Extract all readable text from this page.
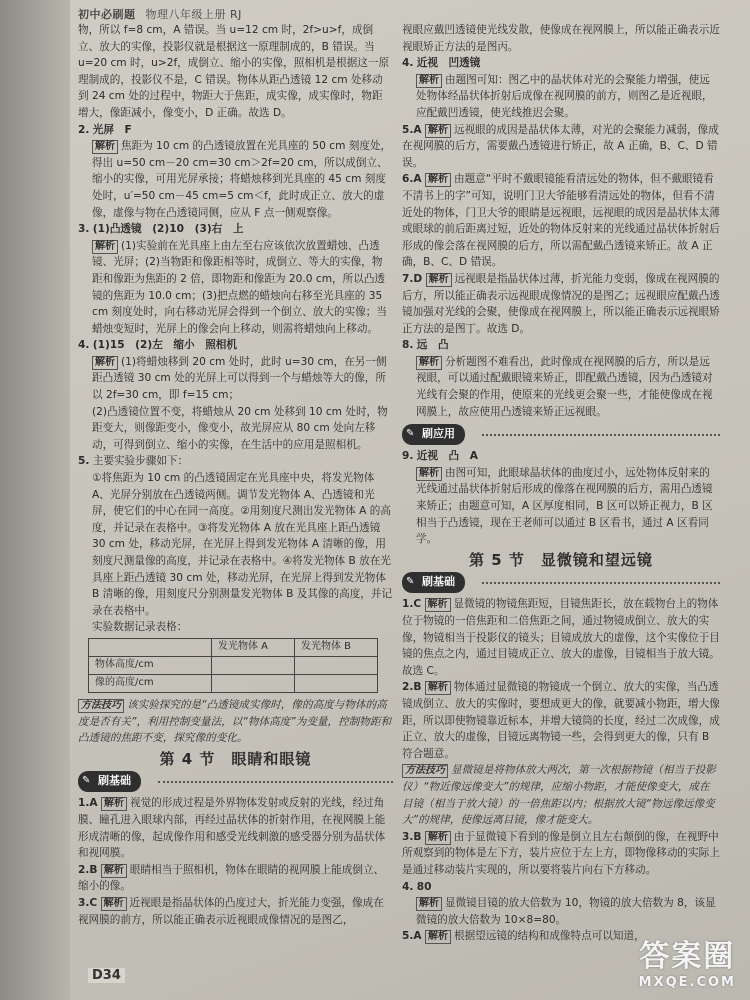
初中必刷题 物理八年级上册 RJ

物，所以 f=8 cm，A 错误。当 u=12 cm 时，2f>u>f，成倒立、放大的实像，投影仪就是根据这一原理制成的，B 错误。当 u=20 cm 时，u>2f，成倒立、缩小的实像，照相机是根据这一原理制成的，投影仪不是，C 错误。物体从距凸透镜 12 cm 处移动到 24 cm 处的过程中，物距大于焦距，成实像，成实像时，物距增大，像距减小，像变小，D 正确。故选 D。

2. 光屏　F

解析 焦距为 10 cm 的凸透镜放置在光具座的 50 cm 刻度处，得出 u=50 cm－20 cm=30 cm＞2f=20 cm，所以成倒立、缩小的实像，可用光屏承接；将蜡烛移到光具座的 45 cm 刻度处时，u′=50 cm－45 cm=5 cm＜f，此时成正立、放大的虚像，虚像与物在凸透镜同侧，应从 F 点一侧观察像。

3. (1)凸透镜　(2)10　(3)右　上

解析 (1)实验前在光具座上由左至右应该依次放置蜡烛、凸透镜、光屏；(2)当物距和像距相等时，成倒立、等大的实像，物距和像距为焦距的 2 倍，即物距和像距为 20.0 cm，所以凸透镜的焦距为 10.0 cm；(3)把点燃的蜡烛向右移至光具座的 35 cm 刻度处时，向右移动光屏会得到一个倒立、放大的实像；当蜡烛变短时，光屏上的像会向上移动，则需将蜡烛向上移动。

4. (1)15　(2)左　缩小　照相机

解析 (1)将蜡烛移到 20 cm 处时，此时 u=30 cm，在另一侧距凸透镜 30 cm 处的光屏上可以得到一个与蜡烛等大的像，所以 2f=30 cm，即 f=15 cm；

(2)凸透镜位置不变，将蜡烛从 20 cm 处移到 10 cm 处时，物距变大，则像距变小，像变小，故光屏应从 80 cm 处向左移动，可得到倒立、缩小的实像，在生活中的应用是照相机。

5. 主要实验步骤如下：

①将焦距为 10 cm 的凸透镜固定在光具座中央，将发光物体 A、光屏分别放在凸透镜两侧。调节发光物体 A、凸透镜和光屏，使它们的中心在同一高度。②用刻度尺测出发光物体 A 的高度，并记录在表格中。③将发光物体 A 放在光具座上距凸透镜 30 cm 处，移动光屏，在光屏上得到发光物体 A 清晰的像，用刻度尺测量像的高度，并记录在表格中。④将发光物体 B 放在光具座上距凸透镜 30 cm 处，移动光屏，在光屏上得到发光物体 B 清晰的像，用刻度尺分别测量发光物体 B 及其像的高度，并记录在表格中。

实验数据记录表格：

	发光物体 A	发光物体 B
物体高度/cm		
像的高度/cm		

方法技巧 该实验探究的是“凸透镜成实像时，像的高度与物体的高度是否有关”，利用控制变量法，以“物体高度”为变量，控制物距和凸透镜的焦距不变，探究像的变化。

第 4 节　眼睛和眼镜
✎ 刷基础

1.A 解析 视觉的形成过程是外界物体发射或反射的光线，经过角膜、瞳孔进入眼球内部，再经过晶状体的折射作用，在视网膜上能形成清晰的像，起成像作用和感受光线刺激的感受器分别为晶状体和视网膜。

2.B 解析 眼睛相当于照相机，物体在眼睛的视网膜上能成倒立、缩小的像。

3.C 解析 近视眼是指晶状体的凸度过大，折光能力变强，像成在视网膜的前方，所以能正确表示近视眼成像情况的是图乙，

视眼应戴凹透镜使光线发散，使像成在视网膜上，所以能正确表示近视眼矫正方法的是图丙。

4. 近视　凹透镜

解析 由题图可知：图乙中的晶状体对光的会聚能力增强，使远处物体经晶状体折射后成像在视网膜的前方，则图乙是近视眼，应配戴凹透镜，使光线推迟会聚。

5.A 解析 远视眼的成因是晶状体太薄，对光的会聚能力减弱，像成在视网膜的后方，需要戴凸透镜进行矫正，故 A 正确，B、C、D 错误。

6.A 解析 由题意“平时不戴眼镜能看清远处的物体，但不戴眼镜看不清书上的字”可知，说明门卫大爷能够看清远处的物体，但看不清近处的物体，门卫大爷的眼睛是远视眼，远视眼的成因是晶状体太薄或眼球的前后距离过短，近处的物体反射来的光线通过晶状体折射后形成的像会落在视网膜的后方，所以需配戴凸透镜来矫正。故 A 正确，B、C、D 错误。

7.D 解析 远视眼是指晶状体过薄，折光能力变弱，像成在视网膜的后方，所以能正确表示远视眼成像情况的是图乙；远视眼应配戴凸透镜加强对光线的会聚，使像成在视网膜上，所以能正确表示远视眼矫正方法的是图丁。故选 D。

8. 远　凸

解析 分析题图不难看出，此时像成在视网膜的后方，所以是远视眼，可以通过配戴眼镜来矫正，即配戴凸透镜，因为凸透镜对光线有会聚的作用，使原来的光线更会聚一些，才能使像成在视网膜上，故应使用凸透镜来矫正远视眼。

✎ 刷应用

9. 近视　凸　A

解析 由图可知，此眼球晶状体的曲度过小，远处物体反射来的光线通过晶状体折射后形成的像落在视网膜的后方，需用凸透镜来矫正；由题意可知，A 区厚度相同，B 区可以矫正视力，B 区相当于凸透镜，现在王老师可以通过 B 区看书，通过 A 区看同学。

第 5 节　显微镜和望远镜
✎ 刷基础

1.C 解析 显微镜的物镜焦距短，目镜焦距长，放在载物台上的物体位于物镜的一倍焦距和二倍焦距之间，通过物镜成倒立、放大的实像，物镜相当于投影仪的镜头；目镜成放大的虚像，这个实像位于目镜的焦点之内，通过目镜成正立、放大的虚像，目镜相当于放大镜。故选 C。

2.B 解析 物体通过显微镜的物镜成一个倒立、放大的实像，当凸透镜成倒立、放大的实像时，要想成更大的像，就要减小物距，增大像距，所以即使物镜靠近标本，并增大镜筒的长度，经过二次成像，成正立、放大的虚像，目镜远离物镜一些，会得到更大的像，只有 B 符合题意。

方法技巧 显微镜是将物体放大两次，第一次根据物镜（相当于投影仪）“物近像远像变大”的规律，应缩小物距，才能使像变大，成在目镜（相当于放大镜）的一倍焦距以内；根据放大镜“物远像远像变大”的规律，使像远离目镜，像才能变大。

3.B 解析 由于显微镜下看到的像是倒立且左右颠倒的像，在视野中所观察到的物体是左下方，装片应位于左上方，即物像移动的实际上是通过移动装片实现的，所以要将装片向右下方移动。

4. 80

解析 显微镜目镜的放大倍数为 10，物镜的放大倍数为 8，该显微镜的放大倍数为 10×8=80。

5.A 解析 根据望远镜的结构和成像特点可以知道，

D34
答案圈
MXQE.COM
